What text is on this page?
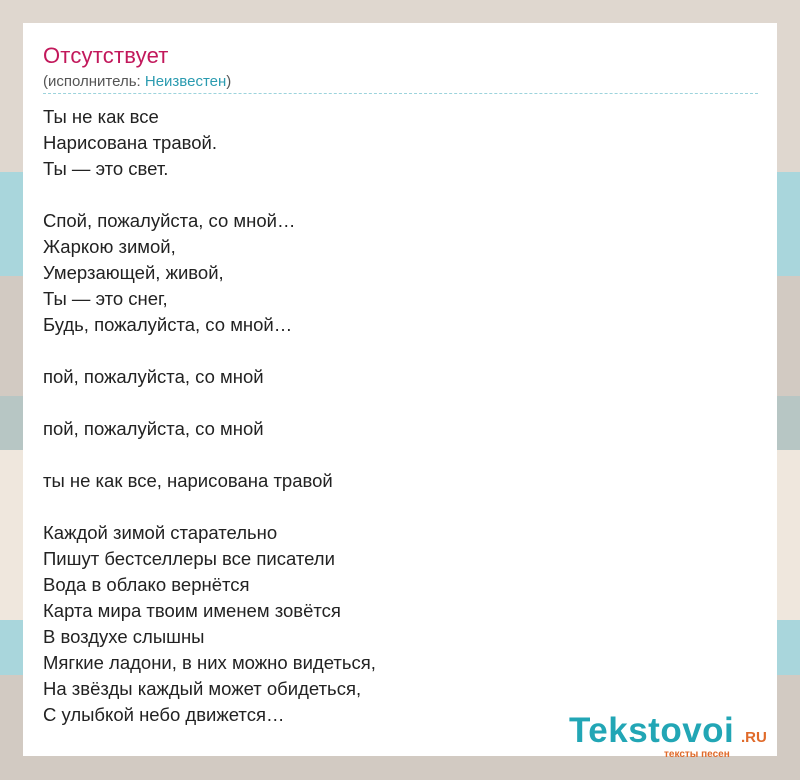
Отсутствует
(исполнитель: Неизвестен)
Ты не как все
Нарисована травой.
Ты — это свет.
Спой, пожалуйста, со мной…
Жаркою зимой,
Умерзающей, живой,
Ты — это снег,
Будь, пожалуйста, со мной…
пой, пожалуйста, со мной
пой, пожалуйста, со мной
ты не как все, нарисована травой
Каждой зимой старательно
Пишут бестселлеры все писатели
Вода в облако вернётся
Карта мира твоим именем зовётся
В воздухе слышны
Мягкие ладони, в них можно видеться,
На звёзды каждый может обидеться,
С улыбкой небо движется…	Tekstovoi .RU
тексты песен
